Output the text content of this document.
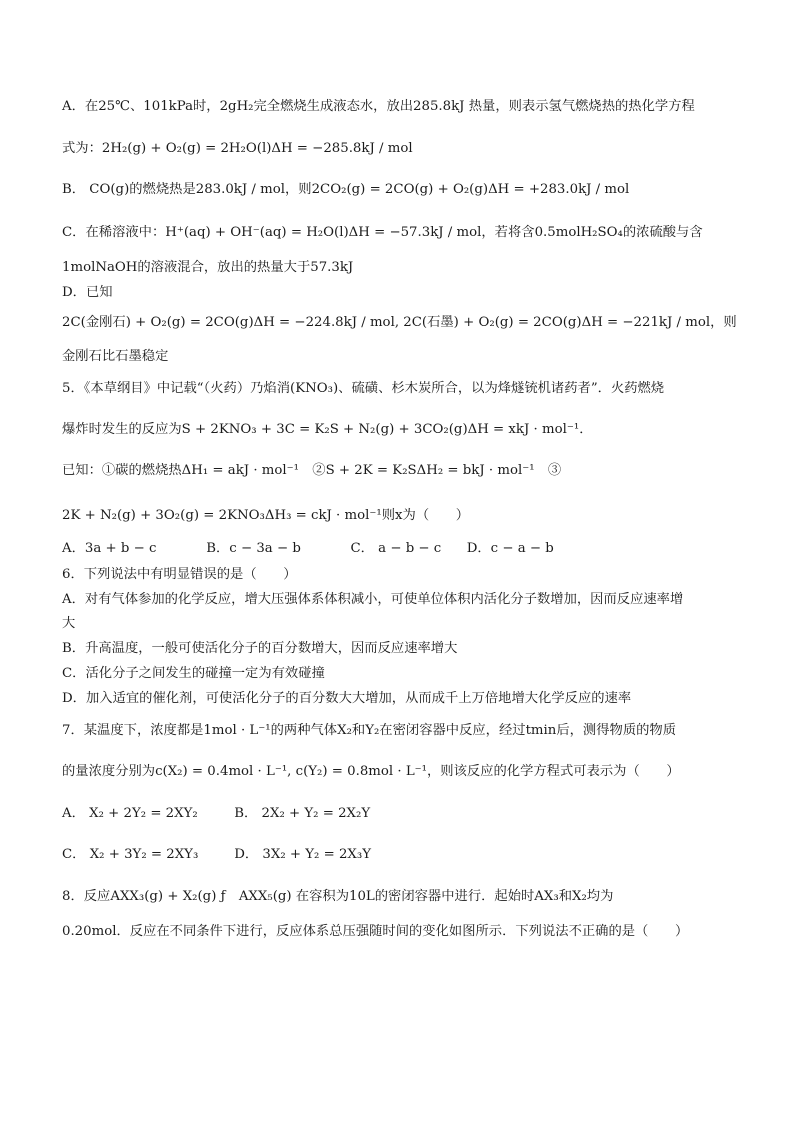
A．在25℃、101kPa时，2gH₂完全燃烧生成液态水，放出285.8kJ 热量，则表示氢气燃烧热的热化学方程
式为：2H₂(g) + O₂(g) = 2H₂O(l)ΔH = −285.8kJ / mol
B． CO(g)的燃烧热是283.0kJ / mol，则2CO₂(g) = 2CO(g) + O₂(g)ΔH = +283.0kJ / mol
C．在稀溶液中：H⁺(aq) + OH⁻(aq) = H₂O(l)ΔH = −57.3kJ / mol，若将含0.5molH₂SO₄的浓硫酸与含
1molNaOH的溶液混合，放出的热量大于57.3kJ
D．已知
2C(金刚石) + O₂(g) = 2CO(g)ΔH = −224.8kJ / mol, 2C(石墨) + O₂(g) = 2CO(g)ΔH = −221kJ / mol，则
金刚石比石墨稳定
5．《本草纲目》中记载“（火药）乃焰消(KNO₃)、硫磺、杉木炭所合，以为烽燧铳机诸药者”．火药燃烧
爆炸时发生的反应为S + 2KNO₃ + 3C = K₂S + N₂(g) + 3CO₂(g)ΔH = xkJ · mol⁻¹．
已知：①碳的燃烧热ΔH₁ = akJ · mol⁻¹　②S + 2K = K₂SΔH₂ = bkJ · mol⁻¹　③
2K + N₂(g) + 3O₂(g) = 2KNO₃ΔH₃ = ckJ · mol⁻¹则x为（　　）
A．3a + b − c	B．c − 3a − b	C． a − b − c D．c − a − b
6．下列说法中有明显错误的是（　　）
A．对有气体参加的化学反应，增大压强体系体积减小，可使单位体积内活化分子数增加，因而反应速率增
大
B．升高温度，一般可使活化分子的百分数增大，因而反应速率增大
C．活化分子之间发生的碰撞一定为有效碰撞
D．加入适宜的催化剂，可使活化分子的百分数大大增加，从而成千上万倍地增大化学反应的速率
7．某温度下，浓度都是1mol · L⁻¹的两种气体X₂和Y₂在密闭容器中反应，经过tmin后，测得物质的物质
的量浓度分别为c(X₂) = 0.4mol · L⁻¹, c(Y₂) = 0.8mol · L⁻¹，则该反应的化学方程式可表示为（　　）
A． X₂ + 2Y₂ = 2XY₂	B． 2X₂ + Y₂ = 2X₂Y
C． X₂ + 3Y₂ = 2XY₃	D． 3X₂ + Y₂ = 2X₃Y
8．反应AXX₃(g) + X₂(g) ƒ　AXX₅(g) 在容积为10L的密闭容器中进行．起始时AX₃和X₂均为
0.20mol．反应在不同条件下进行，反应体系总压强随时间的变化如图所示．下列说法不正确的是（　　）
